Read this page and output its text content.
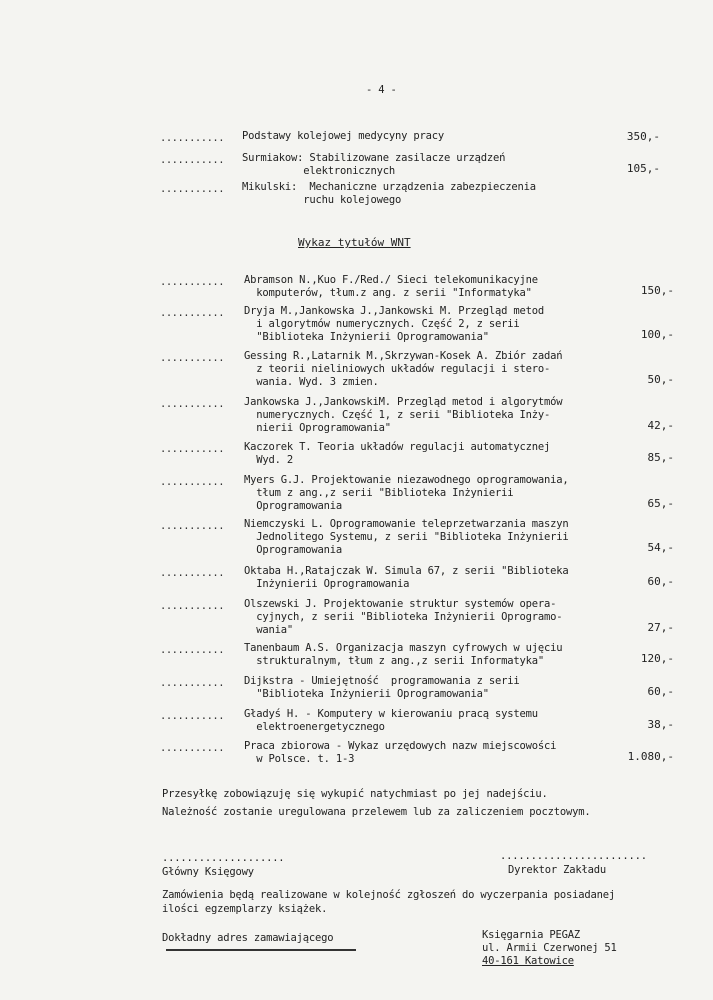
- 4 -
........... Podstawy kolejowej medycyny pracy	350,-
........... Surmiakow: Stabilizowane zasilacze urządzeń
elektronicznych	105,-
........... Mikulski:  Mechaniczne urządzenia zabezpieczenia
ruchu kolejowego
Wykaz tytułów WNT
........... Abramson N.,Kuo F./Red./ Sieci telekomunikacyjne
komputerów, tłum.z ang. z serii "Informatyka"	150,-
........... Dryja M.,Jankowska J.,Jankowski M. Przegląd metod
i algorytmów numerycznych. Część 2, z serii
"Biblioteka Inżynierii Oprogramowania"	100,-
........... Gessing R.,Latarnik M.,Skrzywan-Kosek A. Zbiór zadań
z teorii nieliniowych układów regulacji i stero-
wania. Wyd. 3 zmien.	50,-
........... Jankowska J.,JankowskiM. Przegląd metod i algorytmów
numerycznych. Część 1, z serii "Biblioteka Inży-
nierii Oprogramowania"	42,-
........... Kaczorek T. Teoria układów regulacji automatycznej
Wyd. 2	85,-
........... Myers G.J. Projektowanie niezawodnego oprogramowania,
tłum z ang.,z serii "Biblioteka Inżynierii
Oprogramowania	65,-
........... Niemczyski L. Oprogramowanie teleprzetwarzania maszyn
Jednolitego Systemu, z serii "Biblioteka Inżynierii
Oprogramowania	54,-
........... Oktaba H.,Ratajczak W. Simula 67, z serii "Biblioteka
Inżynierii Oprogramowania	60,-
........... Olszewski J. Projektowanie struktur systemów opera-
cyjnych, z serii "Biblioteka Inżynierii Oprogramo-
wania"	27,-
........... Tanenbaum A.S. Organizacja maszyn cyfrowych w ujęciu
strukturalnym, tłum z ang.,z serii Informatyka"	120,-
........... Dijkstra - Umiejętność  programowania z serii
"Biblioteka Inżynierii Oprogramowania"	60,-
........... Gładyś H. - Komputery w kierowaniu pracą systemu
elektroenergetycznego	38,-
........... Praca zbiorowa - Wykaz urzędowych nazw miejscowości
w Polsce. t. 1-3	1.080,-
Przesyłkę zobowiązuję się wykupić natychmiast po jej nadejściu.
Należność zostanie uregulowana przelewem lub za zaliczeniem pocztowym.
....................
Główny Księgowy
........................
Dyrektor Zakładu
Zamówienia będą realizowane w kolejność zgłoszeń do wyczerpania posiadanej
ilości egzemplarzy książek.
Dokładny adres zamawiającego	Księgarnia PEGAZ
ul. Armii Czerwonej 51
40-161 Katowice
